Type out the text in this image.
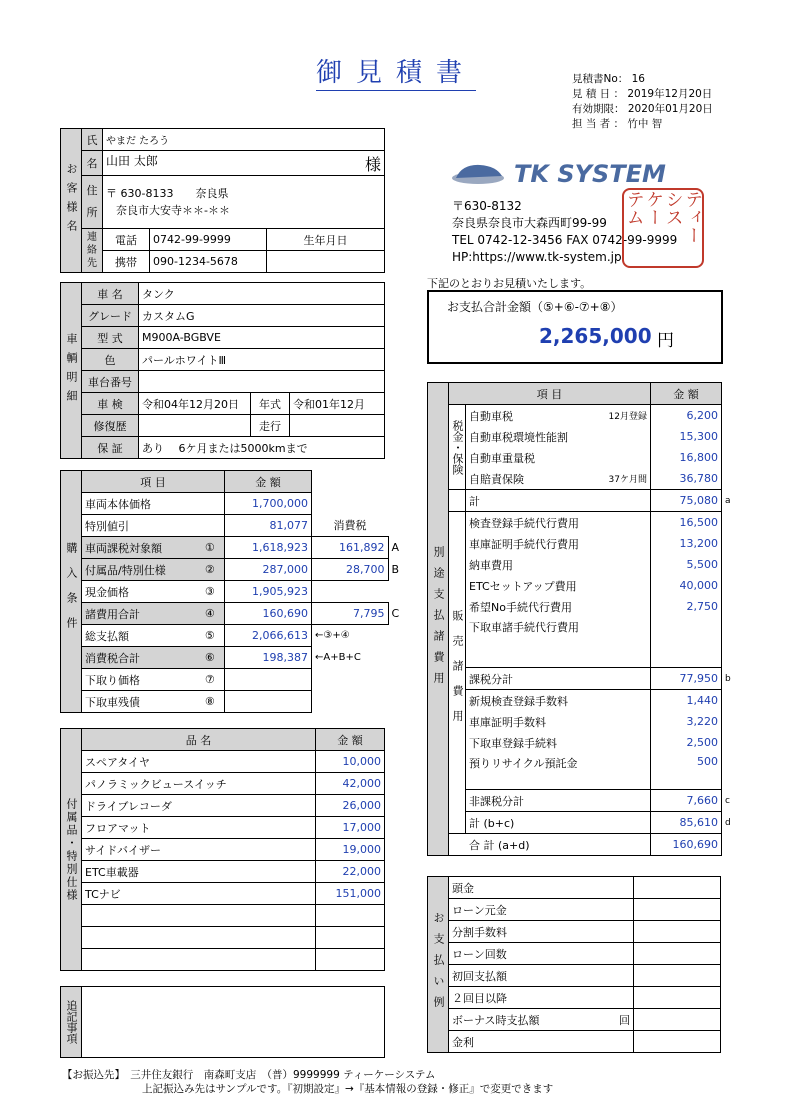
御見積書	見積書No： 16
見 積 日 ： 2019年12月20日
有効期限： 2020年01月20日
担 当 者 ： 竹中 智
お客様名	氏	やまだ たろう		
	名	山田 太郎 様		

	住所	〒 630-8133　　 奈良県
奈良市大安寺＊＊-＊＊		

	連絡先	電話	0742-99-9999	生年月日
		携帯	090-1234-5678	
TK SYSTEM
〒630-8132
奈良県奈良市大森西町99-99
TEL 0742-12-3456 FAX 0742-99-9999
HP:https://www.tk-system.jp
ティー
シス
ケー
テム
下記のとおりお見積いたします。
お支払合計金額（⑤+⑥-⑦+⑧）
2,265,000 円
車輌明細	車 名	タンク		
	グレード	カスタムG		
	型 式	M900A-BGBVE		
	色	パールホワイトⅢ		
	車台番号			
	車 検	令和04年12月20日	年式	令和01年12月
	修復歴		走行	
	保 証	あり　 6ケ月または5000kmまで		
購入条件	項 目		金 額		
	車両本体価格		1,700,000		
	特別値引		81,077	消費税	
	車両課税対象額	①	1,618,923	161,892	A
	付属品/特別仕様	②	287,000	28,700	B
	現金価格	③	1,905,923		
	諸費用合計	④	160,690	7,795	C
	総支払額	⑤	2,066,613	←③+④	
	消費税合計	⑥	198,387	←A+B+C	
	下取り価格	⑦			
	下取車残債	⑧			
付属品・特別仕様	品 名	金 額
	スペアタイヤ	10,000
	パノラミックビュースイッチ	42,000
	ドライブレコーダ	26,000
	フロアマット	17,000
	サイドバイザー	19,000
	ETC車載器	22,000
	TCナビ	151,000

追記事項

別途支払諸費用	項 目			金 額	

	税金・保険	自動車税	12月登録	6,200	
		自動車税環境性能割		15,300	
		自動車重量税		16,800	
		自賠責保険	37ケ月間	36,780	
		計		75,080	a

	販売諸費用	検査登録手続代行費用		16,500	
		車庫証明手続代行費用		13,200	
		納車費用		5,500	
		ETCセットアップ費用		40,000	
		希望No手続代行費用		2,750	
		下取車諸手続代行費用			
		課税分計		77,950	b
		新規検査登録手数料		1,440	
		車庫証明手数料		3,220	
		下取車登録手続料		2,500	
		預りリサイクル預託金		500	
		非課税分計		7,660	c
		計 (b+c)		85,610	d
	合 計 (a+d)			160,690	
お支払い例	頭金	
	ローン元金	
	分割手数料	
	ローン回数	
	初回支払額	
	２回目以降	
	ボーナス時支払額 回	

	金利	
【お振込先】　 三井住友銀行　南森町支店　（普）9999999 ティーケーシステム
上記振込み先はサンプルです。『初期設定』→『基本情報の登録・修正』で変更できます
